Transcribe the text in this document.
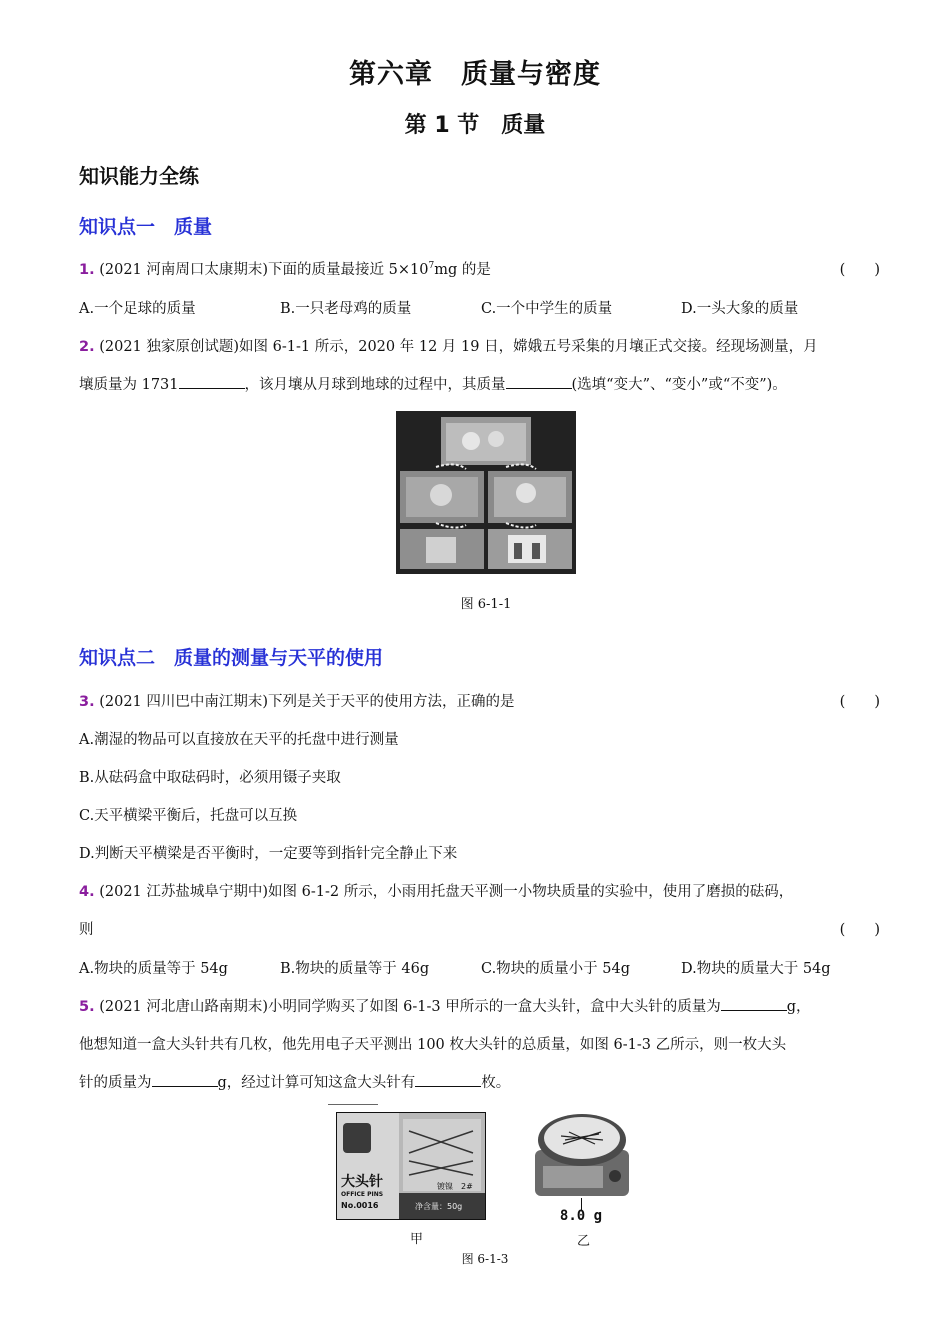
第六章　质量与密度
第 1 节　质量
知识能力全练
知识点一　质量
1. (2021 河南周口太康期末)下面的质量最接近 $5\times 10^7mg$ 的是	(　　)
A.一个足球的质量	B.一只老母鸡的质量	C.一个中学生的质量	D.一头大象的质量
2. (2021 独家原创试题)如图 6-1-1 所示，2020 年 12 月 19 日，嫦娥五号采集的月壤正式交接。经现场测量，月
壤质量为 1731	，该月壤从月球到地球的过程中，其质量	(选填“变大”、“变小”或“不变”)。
图 6-1-1
知识点二　质量的测量与天平的使用
3. (2021 四川巴中南江期末)下列是关于天平的使用方法，正确的是	(　　)
A.潮湿的物品可以直接放在天平的托盘中进行测量
B.从砝码盒中取砝码时，必须用镊子夹取
C.天平横梁平衡后，托盘可以互换
D.判断天平横梁是否平衡时，一定要等到指针完全静止下来
4. (2021 江苏盐城阜宁期中)如图 6-1-2 所示，小雨用托盘天平测一小物块质量的实验中，使用了磨损的砝码，
则	(　　)
A.物块的质量等于 54g	B.物块的质量等于 46g	C.物块的质量小于 54g	D.物块的质量大于 54g
5. (2021 河北唐山路南期末)小明同学购买了如图 6-1-3 甲所示的一盒大头针，盒中大头针的质量为	g，
他想知道一盒大头针共有几枚，他先用电子天平测出 100 枚大头针的总质量，如图 6-1-3 乙所示，则一枚大头
针的质量为	g，经过计算可知这盒大头针有	枚。
大头针
OFFICE PINS
No.0016
镀镍　2#
净含量：50g
8.0 g
甲	乙
图 6-1-3
